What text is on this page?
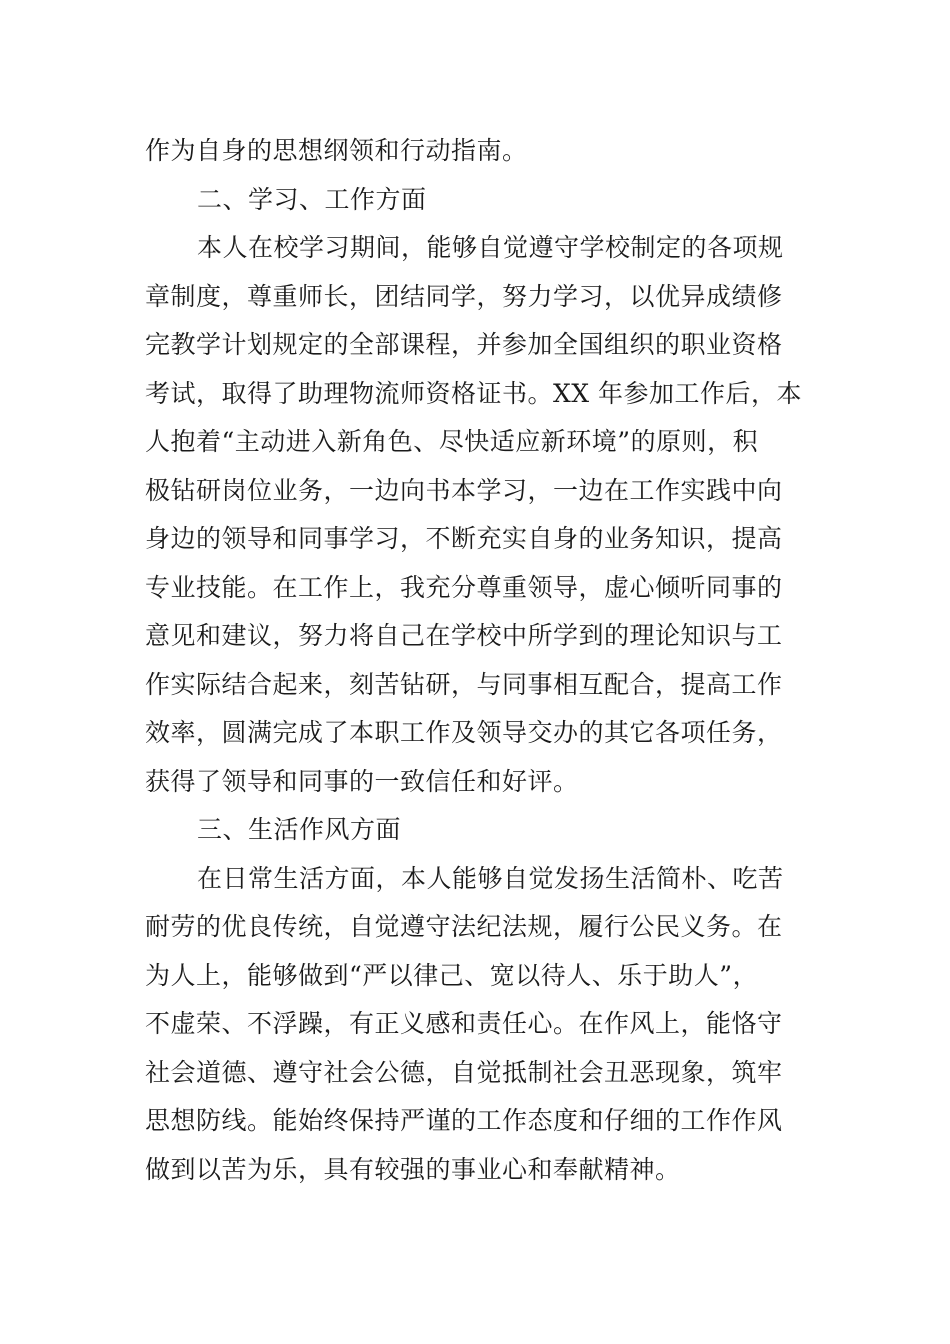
作为自身的思想纲领和行动指南。
二、学习、工作方面
本人在校学习期间，能够自觉遵守学校制定的各项规
章制度，尊重师长，团结同学，努力学习，以优异成绩修
完教学计划规定的全部课程，并参加全国组织的职业资格
考试，取得了助理物流师资格证书。XX 年参加工作后，本
人抱着“主动进入新角色、尽快适应新环境”的原则，积
极钻研岗位业务，一边向书本学习，一边在工作实践中向
身边的领导和同事学习，不断充实自身的业务知识，提高
专业技能。在工作上，我充分尊重领导，虚心倾听同事的
意见和建议，努力将自己在学校中所学到的理论知识与工
作实际结合起来，刻苦钻研，与同事相互配合，提高工作
效率，圆满完成了本职工作及领导交办的其它各项任务，
获得了领导和同事的一致信任和好评。
三、生活作风方面
在日常生活方面，本人能够自觉发扬生活简朴、吃苦
耐劳的优良传统，自觉遵守法纪法规，履行公民义务。在
为人上，能够做到“严以律己、宽以待人、乐于助人”，
不虚荣、不浮躁，有正义感和责任心。在作风上，能恪守
社会道德、遵守社会公德，自觉抵制社会丑恶现象，筑牢
思想防线。能始终保持严谨的工作态度和仔细的工作作风
做到以苦为乐，具有较强的事业心和奉献精神。
